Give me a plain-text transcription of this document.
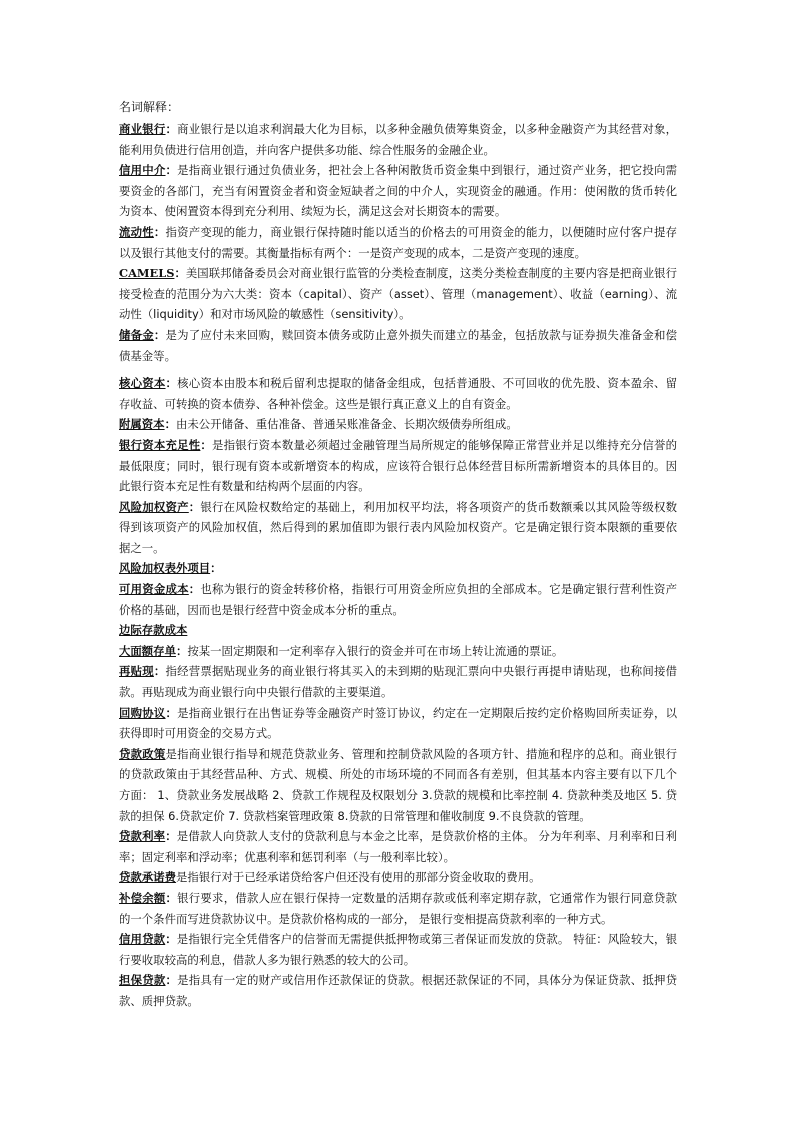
名词解释：

商业银行：商业银行是以追求利润最大化为目标，以多种金融负债筹集资金，以多种金融资产为其经营对象，能利用负债进行信用创造，并向客户提供多功能、综合性服务的金融企业。

信用中介：是指商业银行通过负债业务，把社会上各种闲散货币资金集中到银行，通过资产业务，把它投向需要资金的各部门，充当有闲置资金者和资金短缺者之间的中介人，实现资金的融通。作用：使闲散的货币转化为资本、使闲置资本得到充分利用、续短为长，满足这会对长期资本的需要。

流动性：指资产变现的能力，商业银行保持随时能以适当的价格去的可用资金的能力，以便随时应付客户提存以及银行其他支付的需要。其衡量指标有两个：一是资产变现的成本，二是资产变现的速度。

CAMELS：美国联邦储备委员会对商业银行监管的分类检查制度，这类分类检查制度的主要内容是把商业银行接受检查的范围分为六大类：资本（capital）、资产（asset）、管理（management）、收益（earning）、流动性（liquidity）和对市场风险的敏感性（sensitivity）。

储备金：是为了应付未来回购，赎回资本债务或防止意外损失而建立的基金，包括放款与证券损失准备金和偿债基金等。

核心资本：核心资本由股本和税后留利忠提取的储备金组成，包括普通股、不可回收的优先股、资本盈余、留存收益、可转换的资本债券、各种补偿金。这些是银行真正意义上的自有资金。

附属资本：由未公开储备、重估准备、普通呆账准备金、长期次级债券所组成。

银行资本充足性：是指银行资本数量必须超过金融管理当局所规定的能够保障正常营业并足以维持充分信誉的最低限度；同时，银行现有资本或新增资本的构成，应该符合银行总体经营目标所需新增资本的具体目的。因此银行资本充足性有数量和结构两个层面的内容。

风险加权资产：银行在风险权数给定的基础上，利用加权平均法，将各项资产的货币数额乘以其风险等级权数得到该项资产的风险加权值，然后得到的累加值即为银行表内风险加权资产。它是确定银行资本限额的重要依据之一。

风险加权表外项目：

可用资金成本：也称为银行的资金转移价格，指银行可用资金所应负担的全部成本。它是确定银行营利性资产价格的基础，因而也是银行经营中资金成本分析的重点。

边际存款成本

大面额存单：按某一固定期限和一定利率存入银行的资金并可在市场上转让流通的票证。

再贴现：指经营票据贴现业务的商业银行将其买入的未到期的贴现汇票向中央银行再提申请贴现，也称间接借款。再贴现成为商业银行向中央银行借款的主要渠道。

回购协议：是指商业银行在出售证券等金融资产时签订协议，约定在一定期限后按约定价格购回所卖证券，以获得即时可用资金的交易方式。

贷款政策是指商业银行指导和规范贷款业务、管理和控制贷款风险的各项方针、措施和程序的总和。商业银行的贷款政策由于其经营品种、方式、规模、所处的市场环境的不同而各有差别，但其基本内容主要有以下几个方面： 1、贷款业务发展战略 2、贷款工作规程及权限划分 3.贷款的规模和比率控制 4. 贷款种类及地区 5. 贷款的担保 6.贷款定价 7. 贷款档案管理政策 8.贷款的日常管理和催收制度 9.不良贷款的管理。

贷款利率：是借款人向贷款人支付的贷款利息与本金之比率，是贷款价格的主体。 分为年利率、月利率和日利率；固定利率和浮动率；优惠利率和惩罚利率（与一般利率比较）。

贷款承诺费是指银行对于已经承诺贷给客户但还没有使用的那部分资金收取的费用。

补偿余额：银行要求，借款人应在银行保持一定数量的活期存款或低利率定期存款，它通常作为银行同意贷款的一个条件而写进贷款协议中。是贷款价格构成的一部分， 是银行变相提高贷款利率的一种方式。

信用贷款：是指银行完全凭借客户的信誉而无需提供抵押物或第三者保证而发放的贷款。 特征：风险较大，银行要收取较高的利息，借款人多为银行熟悉的较大的公司。

担保贷款：是指具有一定的财产或信用作还款保证的贷款。根据还款保证的不同，具体分为保证贷款、抵押贷款、质押贷款。
